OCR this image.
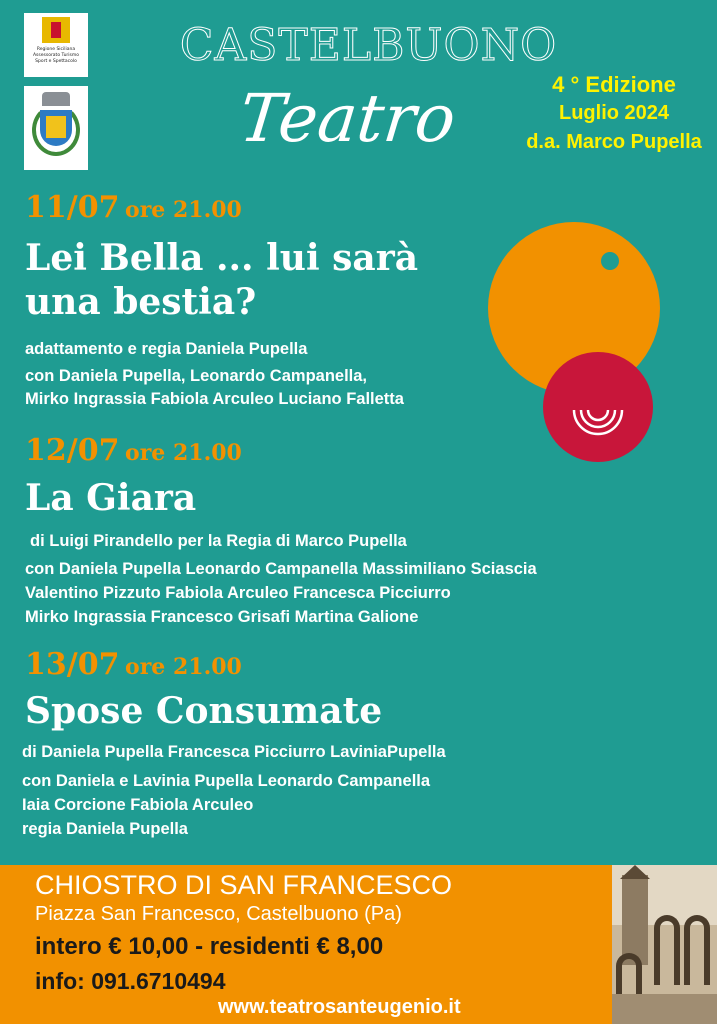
Regione Siciliana
Assessorato Turismo
Sport e Spettacolo	CASTELBUONO
Teatro	4 ° Edizione
Luglio 2024
d.a. Marco Pupella
11/07 ore 21.00
Lei Bella ... lui sarà
una bestia?
adattamento e regia Daniela Pupella
con Daniela Pupella, Leonardo Campanella,
Mirko Ingrassia Fabiola Arculeo Luciano Falletta
12/07 ore 21.00
La Giara
di Luigi Pirandello per la Regia di Marco Pupella
con Daniela Pupella Leonardo Campanella Massimiliano Sciascia
Valentino Pizzuto Fabiola Arculeo Francesca Picciurro
Mirko Ingrassia Francesco Grisafi Martina Galione
13/07 ore 21.00
Spose Consumate
di Daniela Pupella Francesca Picciurro LaviniaPupella
con Daniela e Lavinia Pupella Leonardo Campanella
Iaia Corcione Fabiola Arculeo
regia Daniela Pupella
CHIOSTRO DI SAN FRANCESCO
Piazza San Francesco, Castelbuono (Pa)
intero € 10,00 - residenti € 8,00
info: 091.6710494
www.teatrosanteugenio.it
